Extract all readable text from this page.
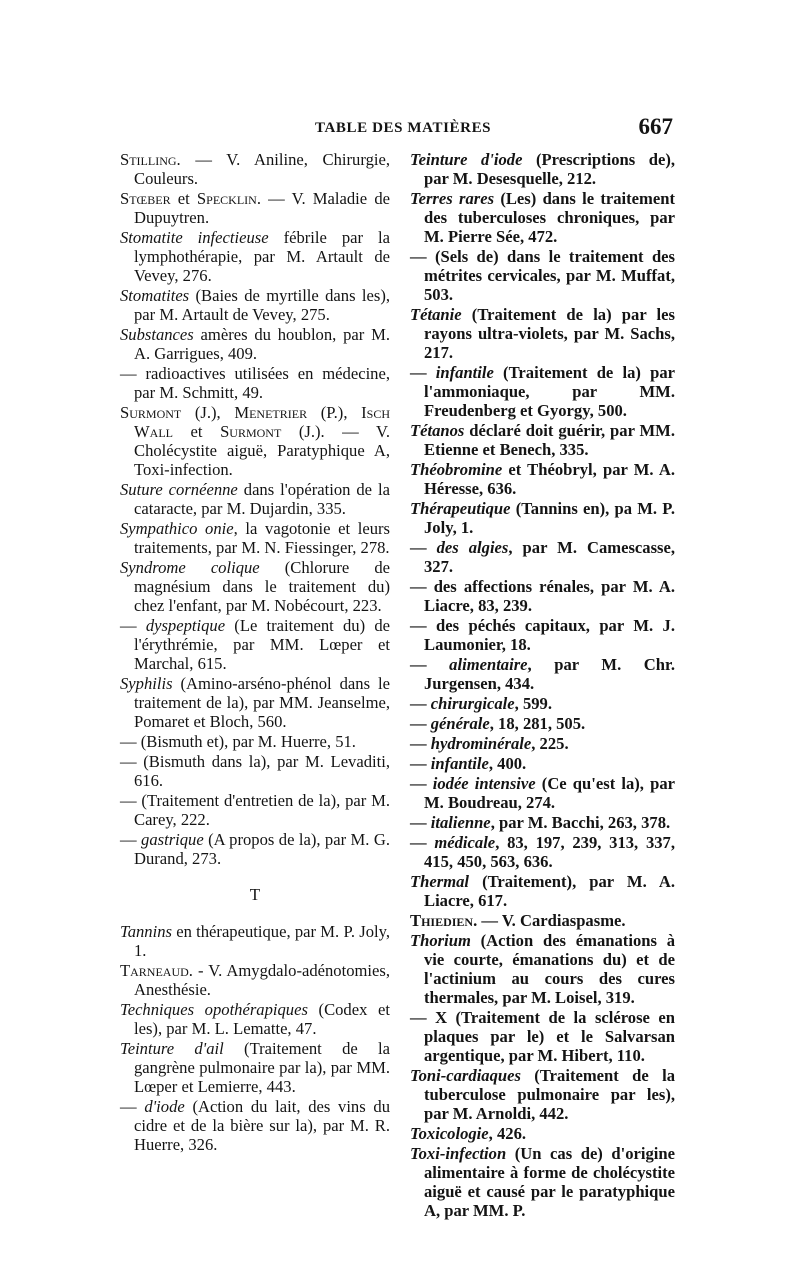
TABLE DES MATIÈRES	667
Stilling. — V. Aniline, Chirurgie, Couleurs.
Stœber et Specklin. — V. Maladie de Dupuytren.
Stomatite infectieuse fébrile par la lymphothérapie, par M. Artault de Vevey, 276.
Stomatites (Baies de myrtille dans les), par M. Artault de Vevey, 275.
Substances amères du houblon, par M. A. Garrigues, 409.
— radioactives utilisées en médecine, par M. Schmitt, 49.
Surmont (J.), Menetrier (P.), Isch Wall et Surmont (J.). — V. Cholécystite aiguë, Paratyphique A, Toxi-infection.
Suture cornéenne dans l'opération de la cataracte, par M. Dujardin, 335.
Sympathico onie, la vagotonie et leurs traitements, par M. N. Fiessinger, 278.
Syndrome colique (Chlorure de magnésium dans le traitement du) chez l'enfant, par M. Nobécourt, 223.
— dyspeptique (Le traitement du) de l'érythrémie, par MM. Lœper et Marchal, 615.
Syphilis (Amino-arséno-phénol dans le traitement de la), par MM. Jeanselme, Pomaret et Bloch, 560.
— (Bismuth et), par M. Huerre, 51.
— (Bismuth dans la), par M. Levaditi, 616.
— (Traitement d'entretien de la), par M. Carey, 222.
— gastrique (A propos de la), par M. G. Durand, 273.
T
Tannins en thérapeutique, par M. P. Joly, 1.
Tarneaud. - V. Amygdalo-adénotomies, Anesthésie.
Techniques opothérapiques (Codex et les), par M. L. Lematte, 47.
Teinture d'ail (Traitement de la gangrène pulmonaire par la), par MM. Lœper et Lemierre, 443.
— d'iode (Action du lait, des vins du cidre et de la bière sur la), par M. R. Huerre, 326.
Teinture d'iode (Prescriptions de), par M. Desesquelle, 212.
Terres rares (Les) dans le traitement des tuberculoses chroniques, par M. Pierre Sée, 472.
— (Sels de) dans le traitement des métrites cervicales, par M. Muffat, 503.
Tétanie (Traitement de la) par les rayons ultra-violets, par M. Sachs, 217.
— infantile (Traitement de la) par l'ammoniaque, par MM. Freudenberg et Gyorgy, 500.
Tétanos déclaré doit guérir, par MM. Etienne et Benech, 335.
Théobromine et Théobryl, par M. A. Héresse, 636.
Thérapeutique (Tannins en), pa M. P. Joly, 1.
— des algies, par M. Camescasse, 327.
— des affections rénales, par M. A. Liacre, 83, 239.
— des péchés capitaux, par M. J. Laumonier, 18.
— alimentaire, par M. Chr. Jurgensen, 434.
— chirurgicale, 599.
— générale, 18, 281, 505.
— hydrominérale, 225.
— infantile, 400.
— iodée intensive (Ce qu'est la), par M. Boudreau, 274.
— italienne, par M. Bacchi, 263, 378.
— médicale, 83, 197, 239, 313, 337, 415, 450, 563, 636.
Thermal (Traitement), par M. A. Liacre, 617.
Thiedien. — V. Cardiaspasme.
Thorium (Action des émanations à vie courte, émanations du) et de l'actinium au cours des cures thermales, par M. Loisel, 319.
— X (Traitement de la sclérose en plaques par le) et le Salvarsan argentique, par M. Hibert, 110.
Toni-cardiaques (Traitement de la tuberculose pulmonaire par les), par M. Arnoldi, 442.
Toxicologie, 426.
Toxi-infection (Un cas de) d'origine alimentaire à forme de cholécystite aiguë et causé par le paratyphique A, par MM. P.
